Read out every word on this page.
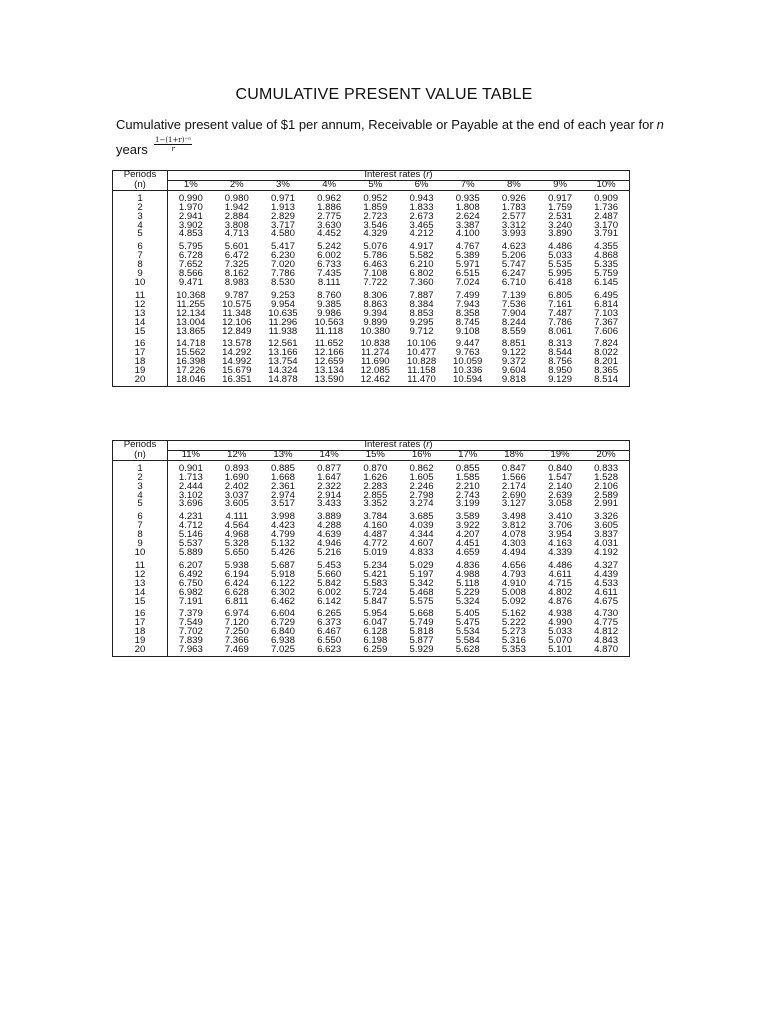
CUMULATIVE PRESENT VALUE TABLE
Cumulative present value of $1 per annum, Receivable or Payable at the end of each year for n
years $\frac{\text{1−(1+r)⁻ⁿ}}{r}$
Periods	Interest rates (r)									
(n)	1%	2%	3%	4%	5%	6%	7%	8%	9%	10%
1	0.990	0.980	0.971	0.962	0.952	0.943	0.935	0.926	0.917	0.909
2	1.970	1.942	1.913	1.886	1.859	1.833	1.808	1.783	1.759	1.736
3	2.941	2.884	2.829	2.775	2.723	2.673	2.624	2.577	2.531	2.487
4	3.902	3.808	3.717	3.630	3.546	3.465	3.387	3.312	3.240	3.170
5	4.853	4.713	4.580	4.452	4.329	4.212	4.100	3.993	3.890	3.791
6	5.795	5.601	5.417	5.242	5.076	4.917	4.767	4.623	4.486	4.355
7	6.728	6.472	6.230	6.002	5.786	5.582	5.389	5.206	5.033	4.868
8	7.652	7.325	7.020	6.733	6.463	6.210	5.971	5.747	5.535	5.335
9	8.566	8.162	7.786	7.435	7.108	6.802	6.515	6.247	5.995	5.759
10	9.471	8.983	8.530	8.111	7.722	7.360	7.024	6.710	6.418	6.145
11	10.368	9.787	9.253	8.760	8.306	7.887	7.499	7.139	6.805	6.495
12	11.255	10.575	9.954	9.385	8.863	8.384	7.943	7.536	7.161	6.814
13	12.134	11.348	10.635	9.986	9.394	8.853	8.358	7.904	7.487	7.103
14	13.004	12.106	11.296	10.563	9.899	9.295	8.745	8.244	7.786	7.367
15	13.865	12.849	11.938	11.118	10.380	9.712	9.108	8.559	8.061	7.606
16	14.718	13.578	12.561	11.652	10.838	10.106	9.447	8.851	8.313	7.824
17	15.562	14.292	13.166	12.166	11.274	10.477	9.763	9.122	8.544	8.022
18	16.398	14.992	13.754	12.659	11.690	10.828	10.059	9.372	8.756	8.201
19	17.226	15.679	14.324	13.134	12.085	11.158	10.336	9.604	8.950	8.365
20	18.046	16.351	14.878	13.590	12.462	11.470	10.594	9.818	9.129	8.514
Periods	Interest rates (r)									
(n)	11%	12%	13%	14%	15%	16%	17%	18%	19%	20%
1	0.901	0.893	0.885	0.877	0.870	0.862	0.855	0.847	0.840	0.833
2	1.713	1.690	1.668	1.647	1.626	1.605	1.585	1.566	1.547	1.528
3	2.444	2.402	2.361	2.322	2.283	2.246	2.210	2.174	2.140	2.106
4	3.102	3.037	2.974	2.914	2.855	2.798	2.743	2.690	2.639	2.589
5	3.696	3.605	3.517	3.433	3.352	3.274	3.199	3.127	3.058	2.991
6	4.231	4.111	3.998	3.889	3.784	3.685	3.589	3.498	3.410	3.326
7	4.712	4.564	4.423	4.288	4.160	4.039	3.922	3.812	3.706	3.605
8	5.146	4.968	4.799	4.639	4.487	4.344	4.207	4.078	3.954	3.837
9	5.537	5.328	5.132	4.946	4.772	4.607	4.451	4.303	4.163	4.031
10	5.889	5.650	5.426	5.216	5.019	4.833	4.659	4.494	4.339	4.192
11	6.207	5.938	5.687	5.453	5.234	5.029	4.836	4.656	4.486	4.327
12	6.492	6.194	5.918	5.660	5.421	5.197	4.988	4.793	4.611	4.439
13	6.750	6.424	6.122	5.842	5.583	5.342	5.118	4.910	4.715	4.533
14	6.982	6.628	6.302	6.002	5.724	5.468	5.229	5.008	4.802	4.611
15	7.191	6.811	6.462	6.142	5.847	5.575	5.324	5.092	4.876	4.675
16	7.379	6.974	6.604	6.265	5.954	5.668	5.405	5.162	4.938	4.730
17	7.549	7.120	6.729	6.373	6.047	5.749	5.475	5.222	4.990	4.775
18	7.702	7.250	6.840	6.467	6.128	5.818	5.534	5.273	5.033	4.812
19	7.839	7.366	6.938	6.550	6.198	5.877	5.584	5.316	5.070	4.843
20	7.963	7.469	7.025	6.623	6.259	5.929	5.628	5.353	5.101	4.870
